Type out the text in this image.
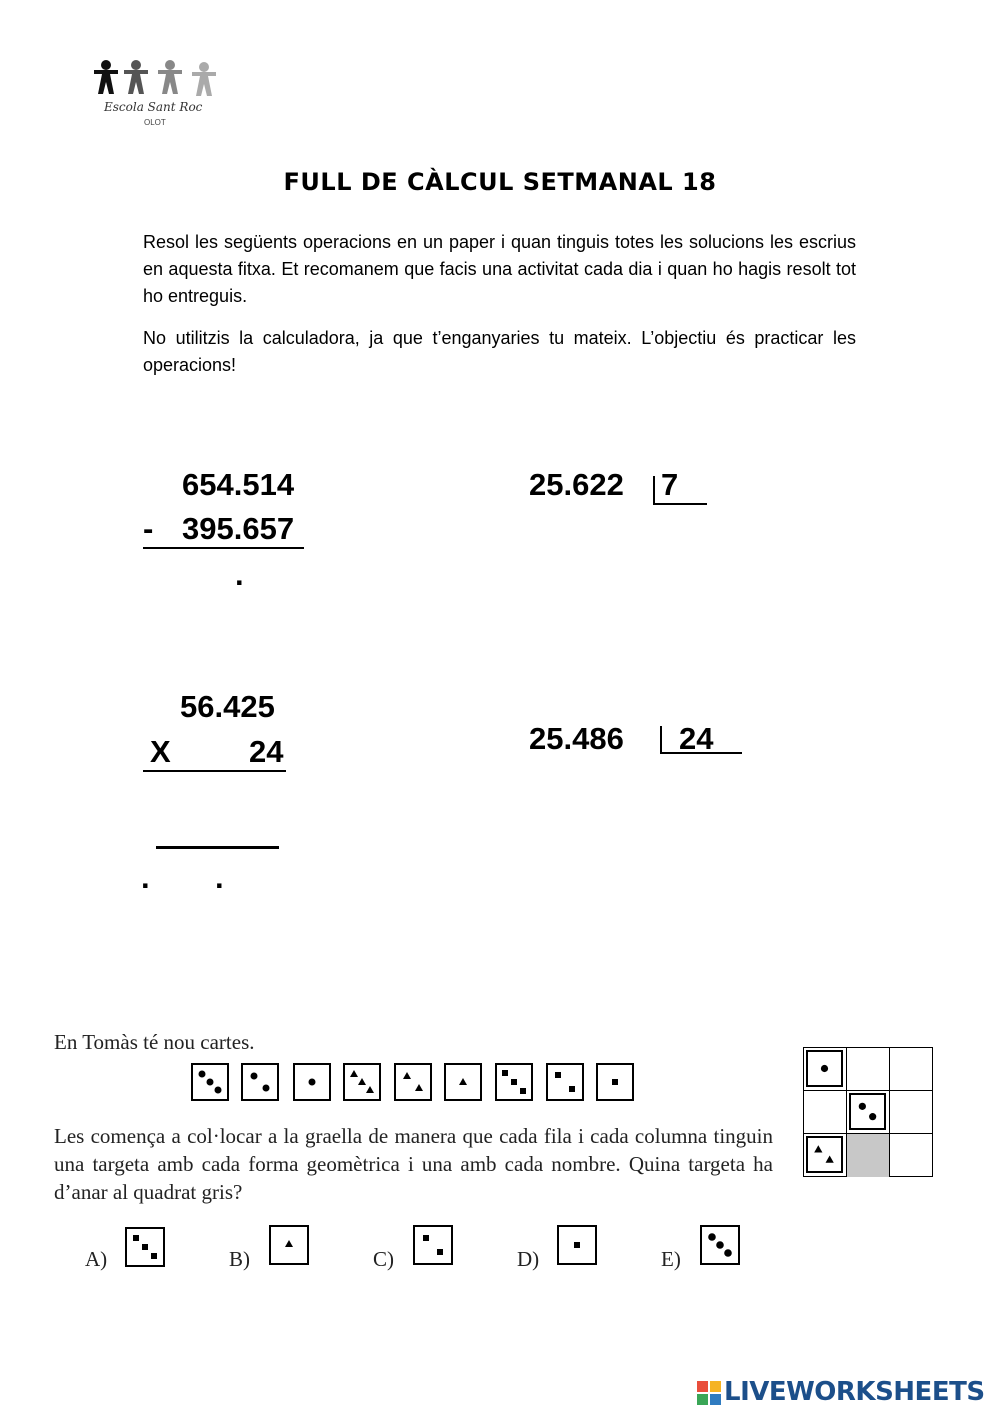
Escola Sant Roc
OLOT
FULL DE CÀLCUL SETMANAL 18
Resol les següents operacions en un paper i quan tinguis totes les solucions les escrius en aquesta fitxa. Et recomanem que facis una activitat cada dia i quan ho hagis resolt tot ho entreguis.
No utilitzis la calculadora, ja que t’enganyaries tu mateix. L’objectiu és practicar les operacions!
654.514
- 395.657
.
25.622 7
56.425
X	24
. .
25.486 24
En Tomàs té nou cartes.
Les comença a col·locar a la graella de manera que cada fila i cada columna tinguin una targeta amb cada forma geomètrica i una amb cada nombre. Quina targeta ha d’anar al quadrat gris?
A)	B)	C)	D)	E)
LIVEWORKSHEETS
